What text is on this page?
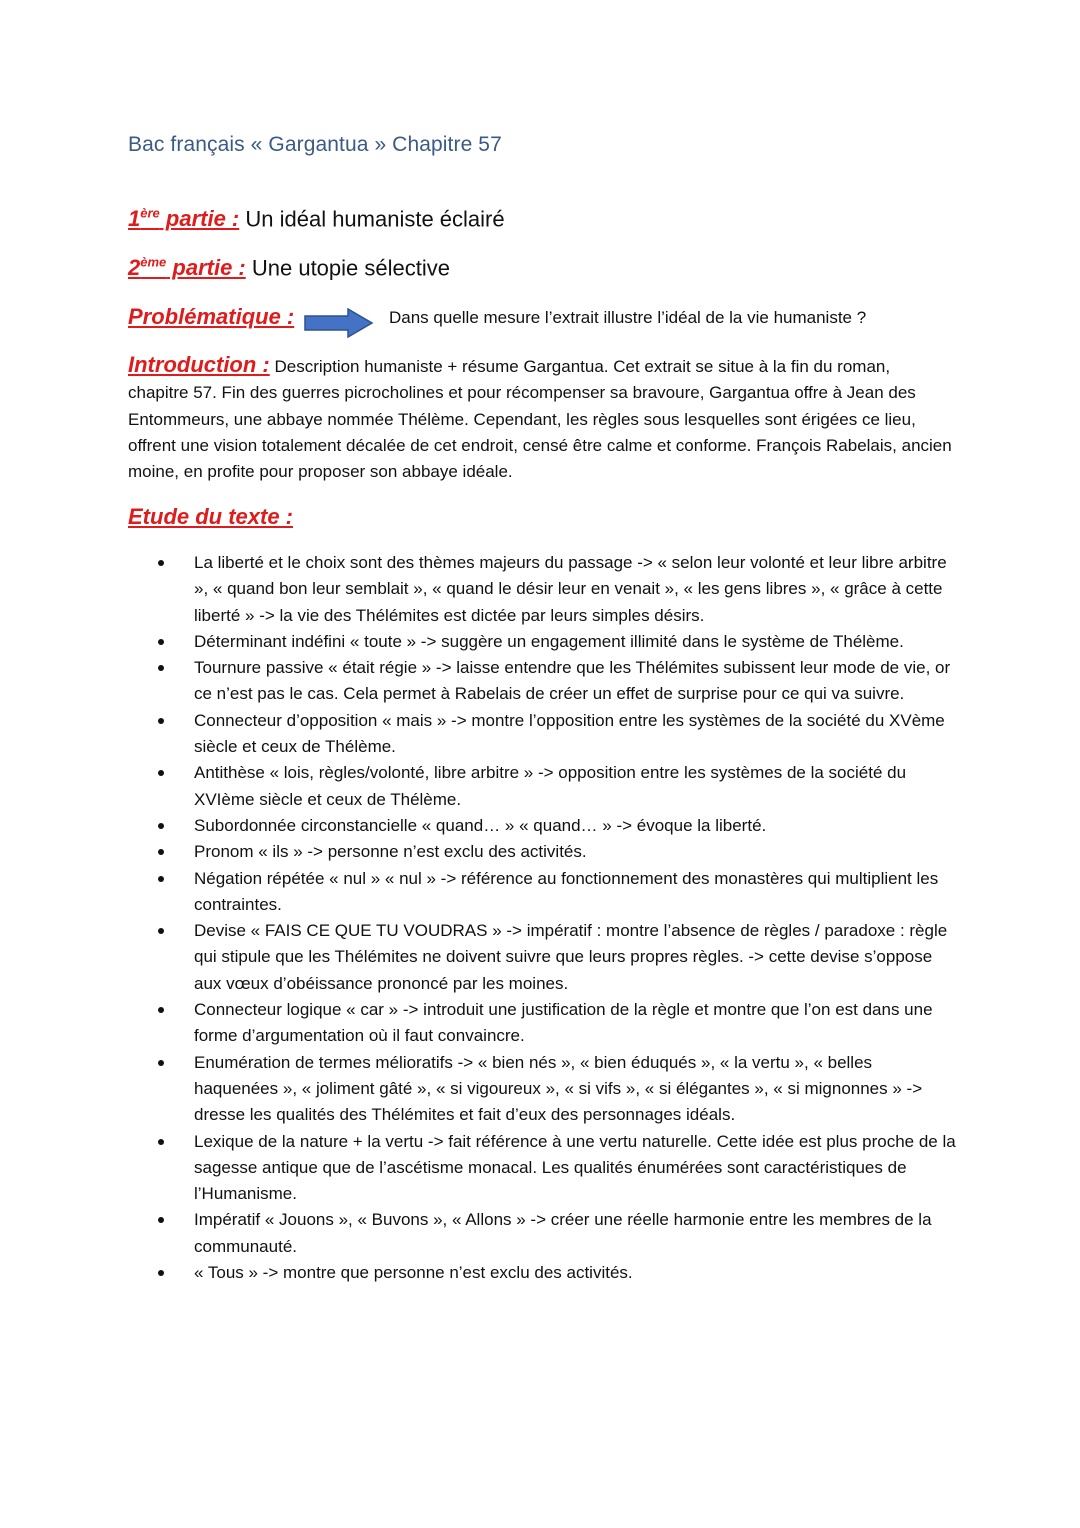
Bac français « Gargantua » Chapitre 57
1ère partie : Un idéal humaniste éclairé
2ème partie : Une utopie sélective
Problématique :	Dans quelle mesure l’extrait illustre l’idéal de la vie humaniste ?
Introduction : Description humaniste + résume Gargantua. Cet extrait se situe à la fin du roman, chapitre 57. Fin des guerres picrocholines et pour récompenser sa bravoure, Gargantua offre à Jean des Entommeurs, une abbaye nommée Thélème. Cependant, les règles sous lesquelles sont érigées ce lieu, offrent une vision totalement décalée de cet endroit, censé être calme et conforme. François Rabelais, ancien moine, en profite pour proposer son abbaye idéale.
Etude du texte :
La liberté et le choix sont des thèmes majeurs du passage -> « selon leur volonté et leur libre arbitre », « quand bon leur semblait », « quand le désir leur en venait », « les gens libres », « grâce à cette liberté » -> la vie des Thélémites est dictée par leurs simples désirs.
Déterminant indéfini « toute » -> suggère un engagement illimité dans le système de Thélème.
Tournure passive « était régie » -> laisse entendre que les Thélémites subissent leur mode de vie, or ce n’est pas le cas. Cela permet à Rabelais de créer un effet de surprise pour ce qui va suivre.
Connecteur d’opposition « mais » -> montre l’opposition entre les systèmes de la société du XVème siècle et ceux de Thélème.
Antithèse « lois, règles/volonté, libre arbitre » -> opposition entre les systèmes de la société du XVIème siècle et ceux de Thélème.
Subordonnée circonstancielle « quand… » « quand… » -> évoque la liberté.
Pronom « ils » -> personne n’est exclu des activités.
Négation répétée « nul » « nul » -> référence au fonctionnement des monastères qui multiplient les contraintes.
Devise « FAIS CE QUE TU VOUDRAS » -> impératif : montre l’absence de règles / paradoxe : règle qui stipule que les Thélémites ne doivent suivre que leurs propres règles. -> cette devise s’oppose aux vœux d’obéissance prononcé par les moines.
Connecteur logique « car » -> introduit une justification de la règle et montre que l’on est dans une forme d’argumentation où il faut convaincre.
Enumération de termes mélioratifs -> « bien nés », « bien éduqués », « la vertu », « belles haquenées », « joliment gâté », « si vigoureux », « si vifs », « si élégantes », « si mignonnes » -> dresse les qualités des Thélémites et fait d’eux des personnages idéals.
Lexique de la nature + la vertu -> fait référence à une vertu naturelle. Cette idée est plus proche de la sagesse antique que de l’ascétisme monacal. Les qualités énumérées sont caractéristiques de l’Humanisme.
Impératif « Jouons », « Buvons », « Allons » -> créer une réelle harmonie entre les membres de la communauté.
« Tous » -> montre que personne n’est exclu des activités.
